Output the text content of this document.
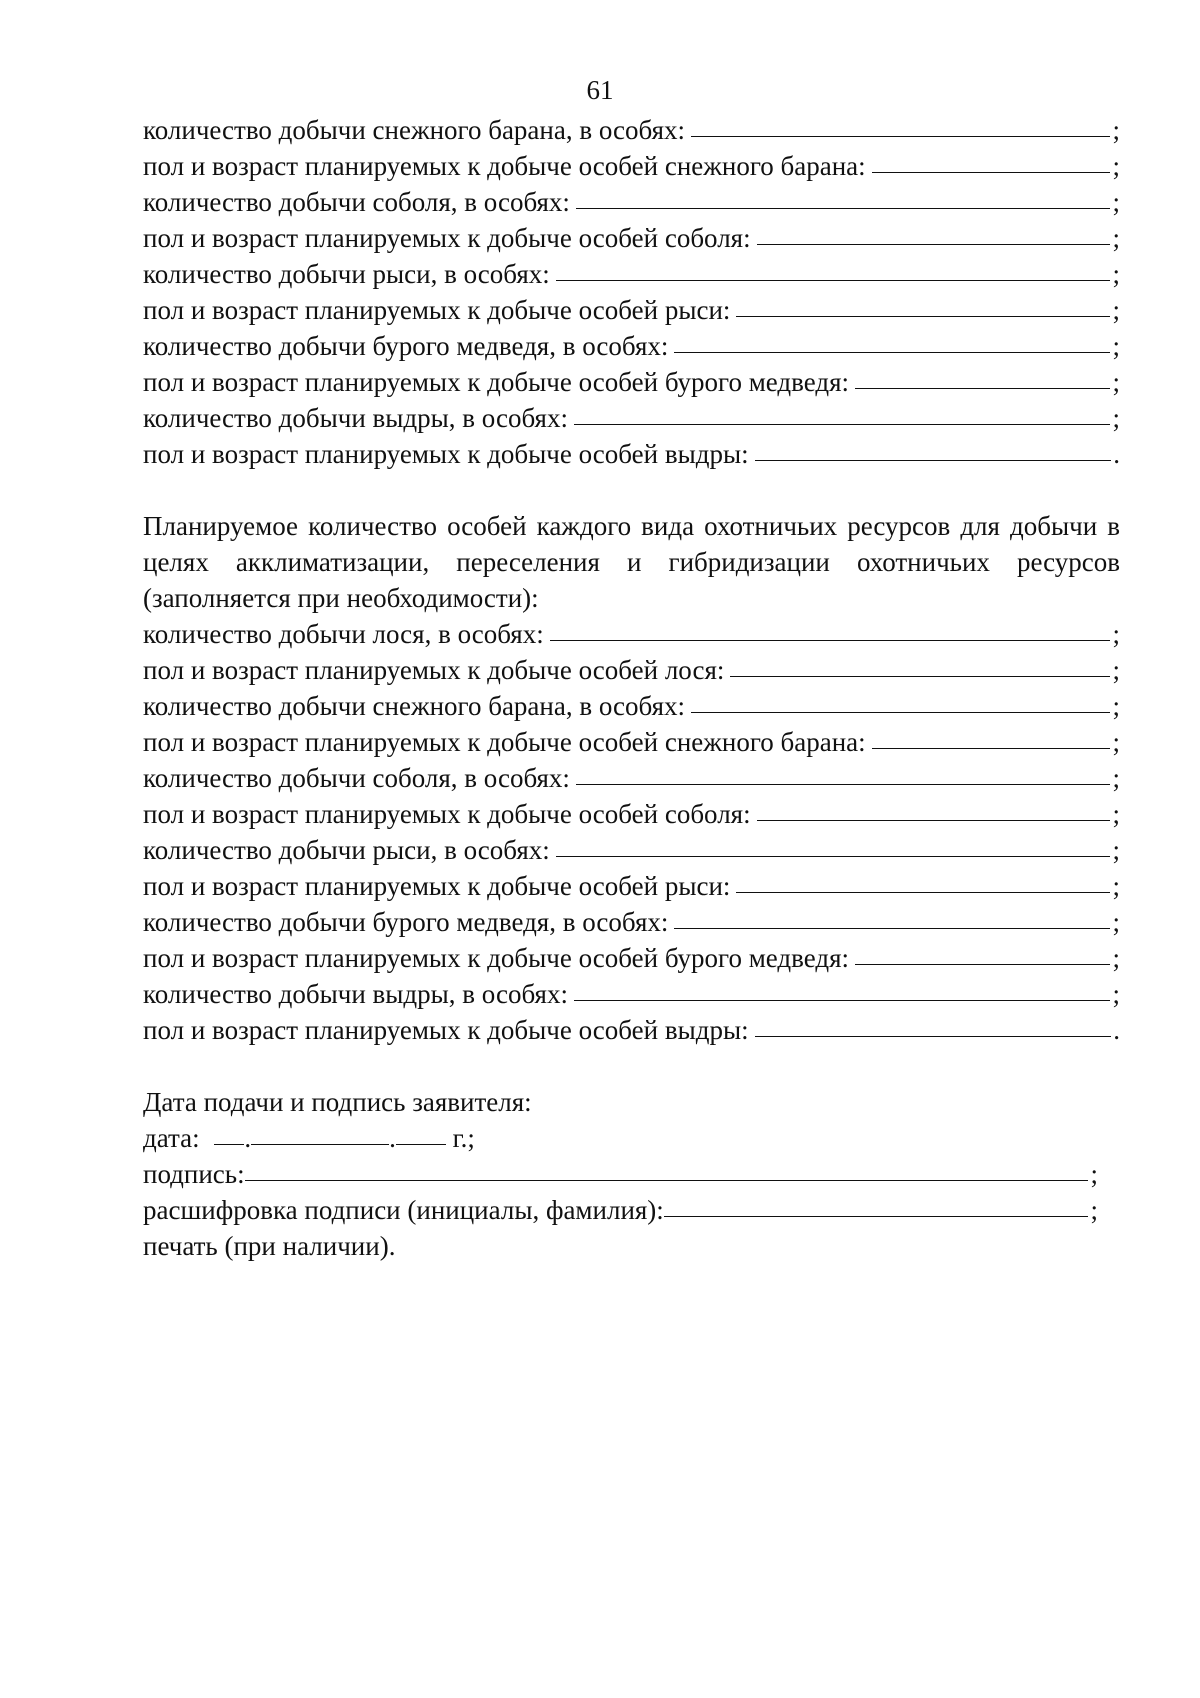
61
количество добычи снежного барана, в особях:	;
пол и возраст планируемых к добыче особей снежного барана:	;
количество добычи соболя, в особях:	;
пол и возраст планируемых к добыче особей соболя:	;
количество добычи рыси, в особях:	;
пол и возраст планируемых к добыче особей рыси:	;
количество добычи бурого медведя, в особях:	;
пол и возраст планируемых к добыче особей бурого медведя:	;
количество добычи выдры, в особях:	;
пол и возраст планируемых к добыче особей выдры:	.
Планируемое количество особей каждого вида охотничьих ресурсов для добычи в целях акклиматизации, переселения и гибридизации охотничьих ресурсов (заполняется при необходимости):
количество добычи лося, в особях:	;
пол и возраст планируемых к добыче особей лося:	;
количество добычи снежного барана, в особях:	;
пол и возраст планируемых к добыче особей снежного барана:	;
количество добычи соболя, в особях:	;
пол и возраст планируемых к добыче особей соболя:	;
количество добычи рыси, в особях:	;
пол и возраст планируемых к добыче особей рыси:	;
количество добычи бурого медведя, в особях:	;
пол и возраст планируемых к добыче особей бурого медведя:	;
количество добычи выдры, в особях:	;
пол и возраст планируемых к добыче особей выдры:	.
Дата подачи и подпись заявителя:
дата: .	. г.;
подпись:	;
расшифровка подписи (инициалы, фамилия):	;
печать (при наличии).
